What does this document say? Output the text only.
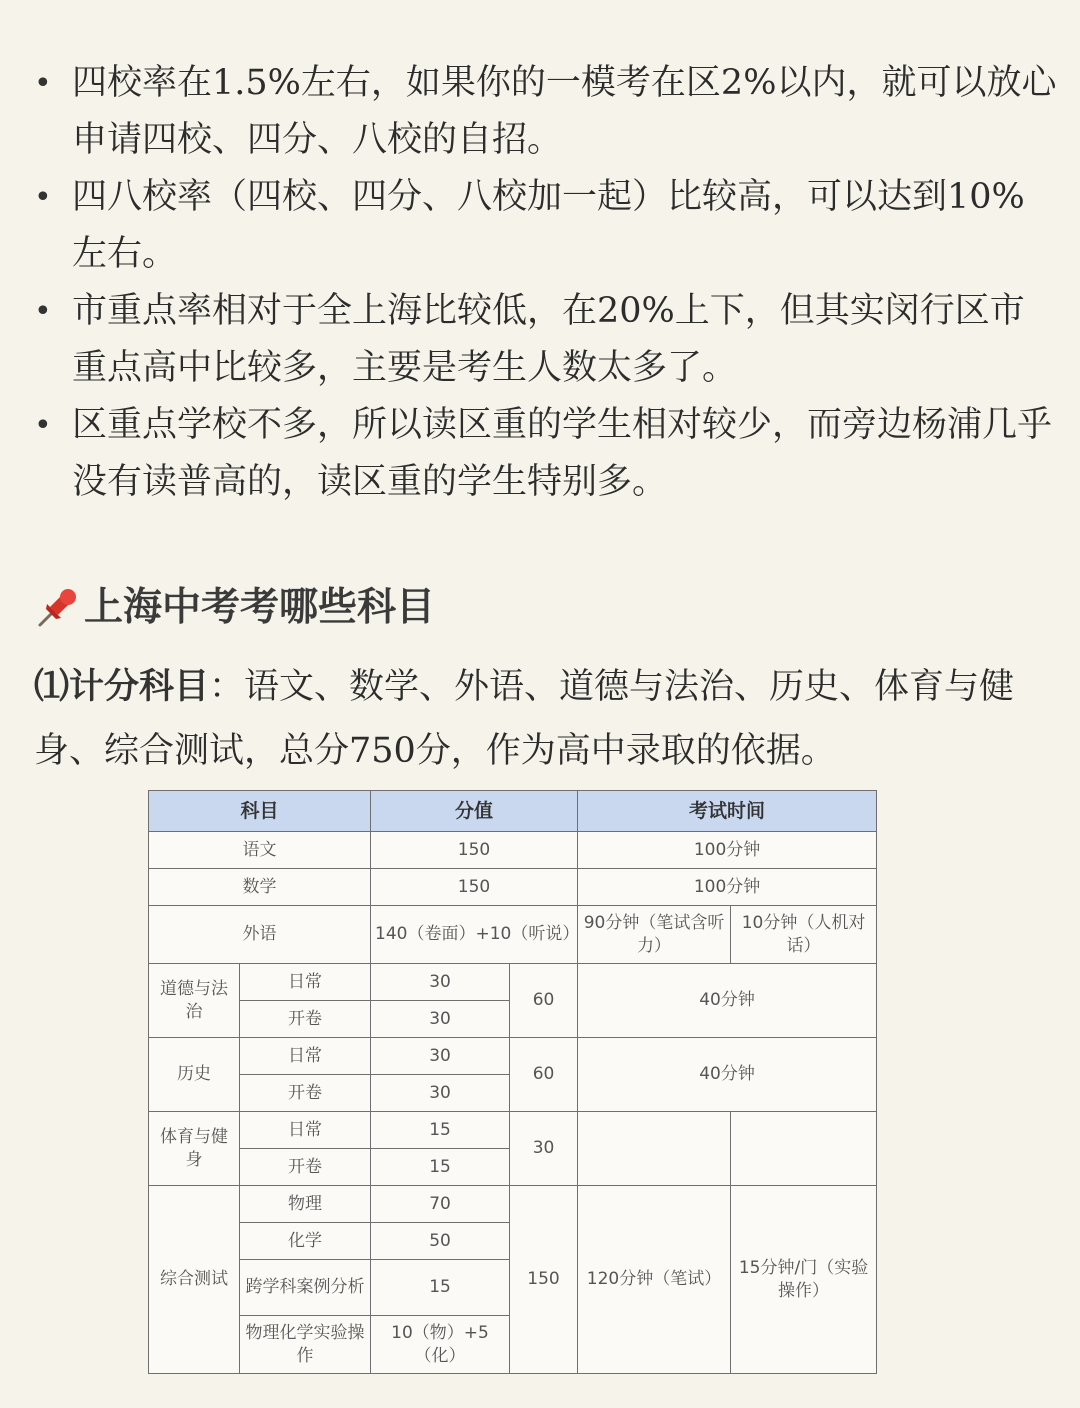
• 四校率在1.5%左右，如果你的一模考在区2%以内，就可以放心申请四校、四分、八校的自招。
• 四八校率（四校、四分、八校加一起）比较高，可以达到10%左右。
• 市重点率相对于全上海比较低，在20%上下，但其实闵行区市重点高中比较多，主要是考生人数太多了。
• 区重点学校不多，所以读区重的学生相对较少，而旁边杨浦几乎没有读普高的，读区重的学生特别多。
上海中考考哪些科目
⑴计分科目：语文、数学、外语、道德与法治、历史、体育与健身、综合测试，总分750分，作为高中录取的依据。
科目		分值		考试时间	
语文		150		100分钟	
数学		150		100分钟	
外语		140（卷面）+10（听说）		90分钟（笔试含听力）	10分钟（人机对话）
道德与法治	日常	30	60	40分钟	
	开卷	30			
历史	日常	30	60	40分钟	
	开卷	30			
体育与健身	日常	15	30		
	开卷	15			
综合测试	物理	70	150	120分钟（笔试）	15分钟/门（实验操作）
	化学	50			
	跨学科案例分析	15			
	物理化学实验操作	10（物）+5（化）			
